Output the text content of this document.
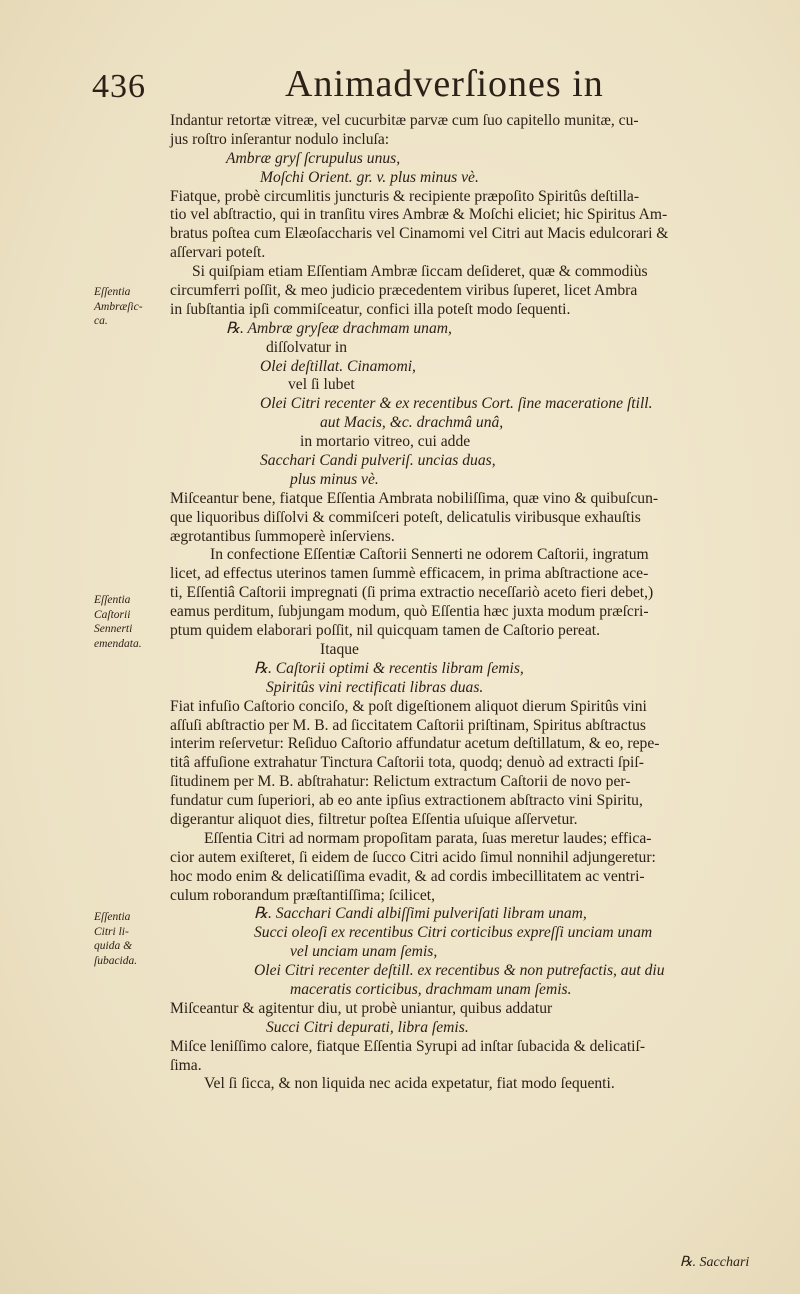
436	Animadverſiones in
Eſſentia
Ambræſic-
ca.
Eſſentia
Caſtorii
Sennerti
emendata.
Eſſentia
Citri li-
quida &
ſubacida.
Indantur retortæ vitreæ, vel cucurbitæ parvæ cum ſuo capitello munitæ, cu-
jus roſtro inſerantur nodulo incluſa:
Ambræ gryſ ſcrupulus unus,
Moſchi Orient. gr. v. plus minus vè.
Fiatque, probè circumlitis juncturis & recipiente præpoſito Spiritûs deſtilla-
tio vel abſtractio, qui in tranſitu vires Ambræ & Moſchi eliciet; hic Spiritus Am-
bratus poſtea cum Elæoſaccharis vel Cinamomi vel Citri aut Macis edulcorari &
aſſervari poteſt.
Si quiſpiam etiam Eſſentiam Ambræ ſiccam deſideret, quæ & commodiùs
circumferri poſſit, & meo judicio præcedentem viribus ſuperet, licet Ambra
in ſubſtantia ipſi commiſceatur, confici illa poteſt modo ſequenti.
℞. Ambræ gryſeæ drachmam unam,
diſſolvatur in
Olei deſtillat. Cinamomi,
vel ſi lubet
Olei Citri recenter & ex recentibus Cort. ſine maceratione ſtill.
aut Macis, &c. drachmâ unâ,
in mortario vitreo, cui adde
Sacchari Candi pulveriſ. uncias duas,
plus minus vè.
Miſceantur bene, fiatque Eſſentia Ambrata nobiliſſima, quæ vino & quibuſcun-
que liquoribus diſſolvi & commiſceri poteſt, delicatulis viribusque exhauſtis
ægrotantibus ſummoperè inſerviens.
In confectione Eſſentiæ Caſtorii Sennerti ne odorem Caſtorii, ingratum
licet, ad effectus uterinos tamen ſummè efficacem, in prima abſtractione ace-
ti, Eſſentiâ Caſtorii impregnati (ſi prima extractio neceſſariò aceto fieri debet,)
eamus perditum, ſubjungam modum, quò Eſſentia hæc juxta modum præſcri-
ptum quidem elaborari poſſit, nil quicquam tamen de Caſtorio pereat.
Itaque
℞. Caſtorii optimi & recentis libram ſemis,
Spiritûs vini rectificati libras duas.
Fiat infuſio Caſtorio conciſo, & poſt digeſtionem aliquot dierum Spiritûs vini
aſſuſi abſtractio per M. B. ad ſiccitatem Caſtorii priſtinam, Spiritus abſtractus
interim reſervetur: Reſiduo Caſtorio affundatur acetum deſtillatum, & eo, repe-
titâ affuſione extrahatur Tinctura Caſtorii tota, quodq; denuò ad extracti ſpiſ-
ſitudinem per M. B. abſtrahatur: Relictum extractum Caſtorii de novo per-
fundatur cum ſuperiori, ab eo ante ipſius extractionem abſtracto vini Spiritu,
digerantur aliquot dies, filtretur poſtea Eſſentia uſuique aſſervetur.
Eſſentia Citri ad normam propoſitam parata, ſuas meretur laudes; effica-
cior autem exiſteret, ſi eidem de ſucco Citri acido ſimul nonnihil adjungeretur:
hoc modo enim & delicatiſſima evadit, & ad cordis imbecillitatem ac ventri-
culum roborandum præſtantiſſima; ſcilicet,
℞. Sacchari Candi albiſſimi pulveriſati libram unam,
Succi oleoſi ex recentibus Citri corticibus expreſſi unciam unam
vel unciam unam ſemis,
Olei Citri recenter deſtill. ex recentibus & non putrefactis, aut diu
maceratis corticibus, drachmam unam ſemis.
Miſceantur & agitentur diu, ut probè uniantur, quibus addatur
Succi Citri depurati, libra ſemis.
Miſce leniſſimo calore, fiatque Eſſentia Syrupi ad inſtar ſubacida & delicatiſ-
ſima.
Vel ſi ſicca, & non liquida nec acida expetatur, fiat modo ſequenti.
℞. Sacchari
